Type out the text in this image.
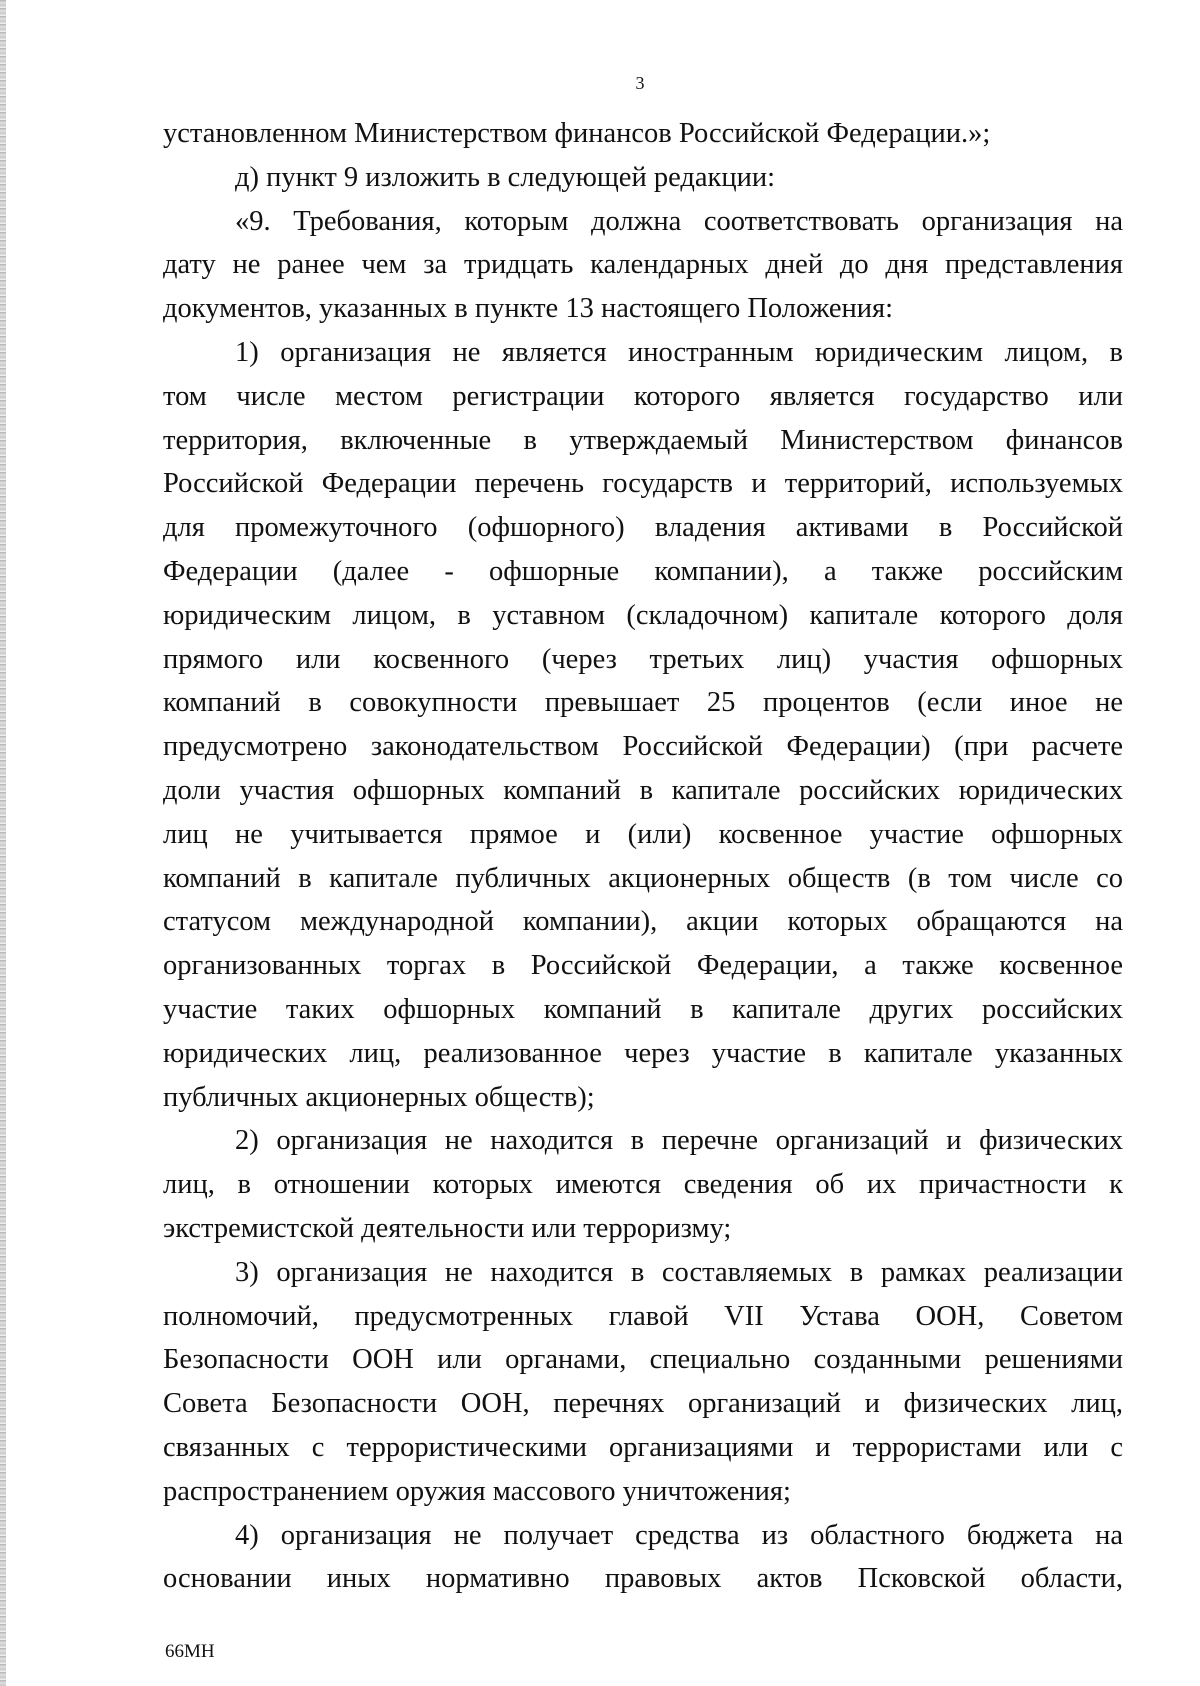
3
установленном Министерством финансов Российской Федерации.»;
д) пункт 9 изложить в следующей редакции:
«9. Требования, которым должна соответствовать организация на
дату не ранее чем за тридцать календарных дней до дня представления
документов, указанных в пункте 13 настоящего Положения:
1) организация не является иностранным юридическим лицом, в
том числе местом регистрации которого является государство или
территория, включенные в утверждаемый Министерством финансов
Российской Федерации перечень государств и территорий, используемых
для промежуточного (офшорного) владения активами в Российской
Федерации (далее - офшорные компании), а также российским
юридическим лицом, в уставном (складочном) капитале которого доля
прямого или косвенного (через третьих лиц) участия офшорных
компаний в совокупности превышает 25 процентов (если иное не
предусмотрено законодательством Российской Федерации) (при расчете
доли участия офшорных компаний в капитале российских юридических
лиц не учитывается прямое и (или) косвенное участие офшорных
компаний в капитале публичных акционерных обществ (в том числе со
статусом международной компании), акции которых обращаются на
организованных торгах в Российской Федерации, а также косвенное
участие таких офшорных компаний в капитале других российских
юридических лиц, реализованное через участие в капитале указанных
публичных акционерных обществ);
2) организация не находится в перечне организаций и физических
лиц, в отношении которых имеются сведения об их причастности к
экстремистской деятельности или терроризму;
3) организация не находится в составляемых в рамках реализации
полномочий, предусмотренных главой VII Устава ООН, Советом
Безопасности ООН или органами, специально созданными решениями
Совета Безопасности ООН, перечнях организаций и физических лиц,
связанных с террористическими организациями и террористами или с
распространением оружия массового уничтожения;
4) организация не получает средства из областного бюджета на
основании иных нормативно правовых актов Псковской области,
66МН
